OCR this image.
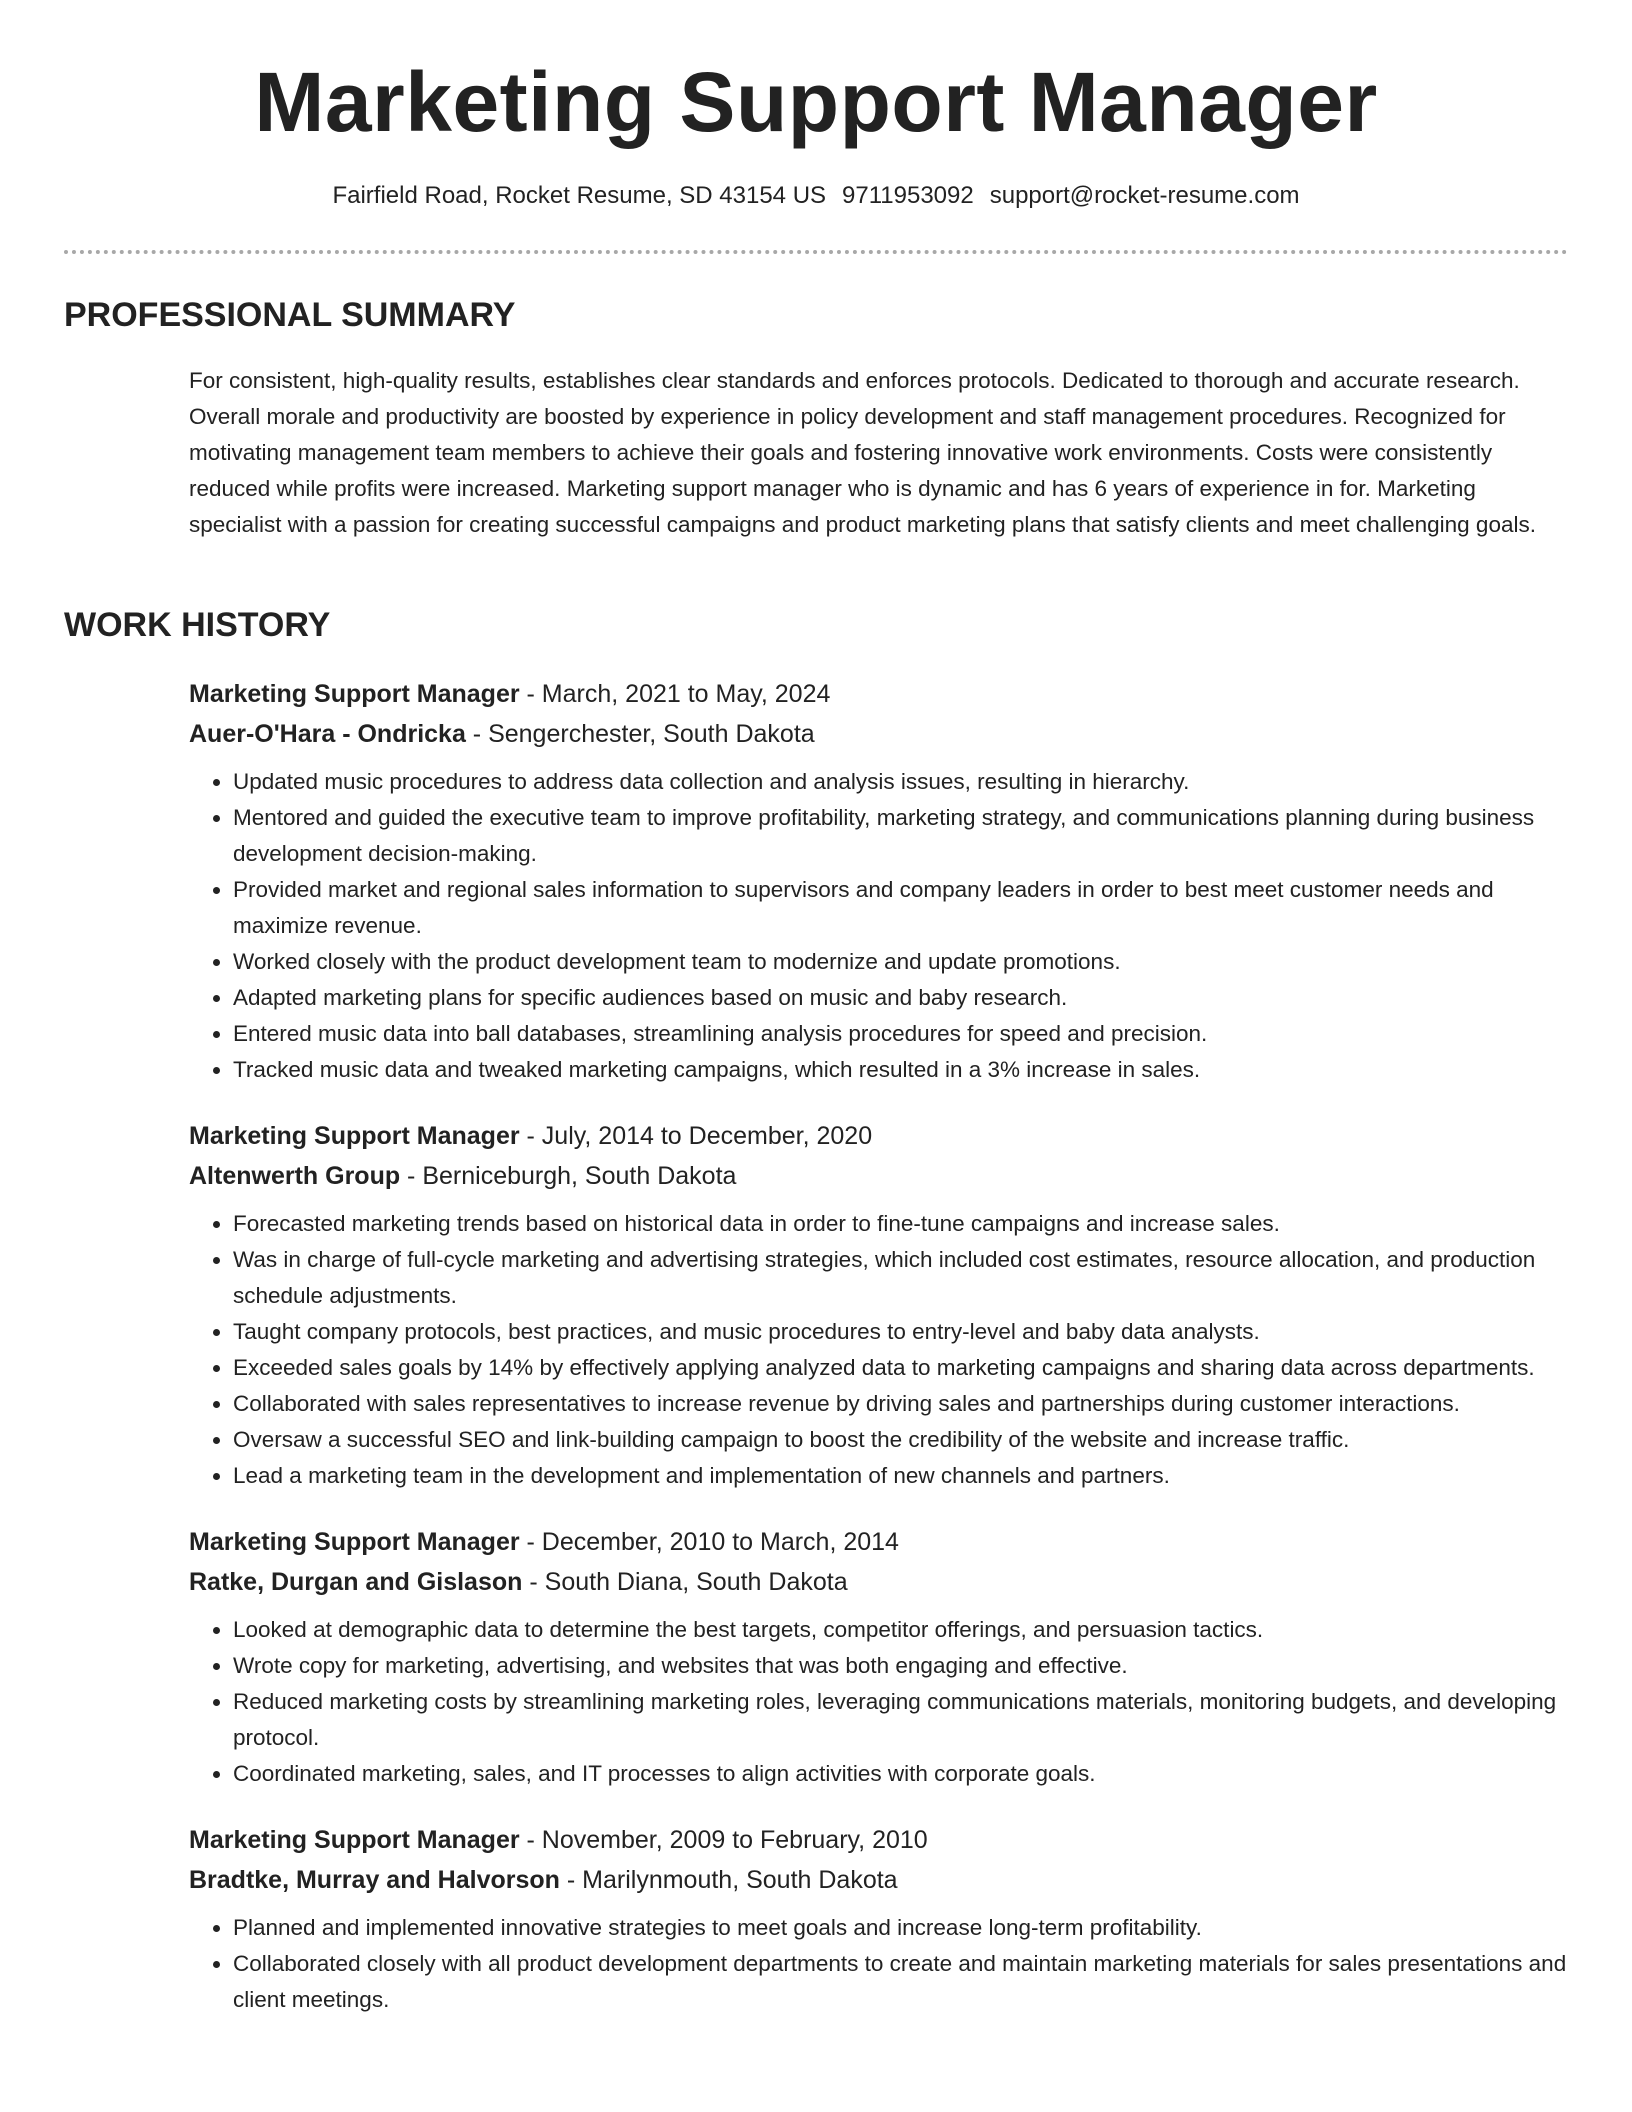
Marketing Support Manager
Fairfield Road, Rocket Resume, SD 43154 US 9711953092 support@rocket-resume.com
PROFESSIONAL SUMMARY

For consistent, high-quality results, establishes clear standards and enforces protocols. Dedicated to thorough and accurate research. Overall morale and productivity are boosted by experience in policy development and staff management procedures. Recognized for motivating management team members to achieve their goals and fostering innovative work environments. Costs were consistently reduced while profits were increased. Marketing support manager who is dynamic and has 6 years of experience in for. Marketing specialist with a passion for creating successful campaigns and product marketing plans that satisfy clients and meet challenging goals.

WORK HISTORY
Marketing Support Manager - March, 2021 to May, 2024
Auer-O'Hara - Ondricka - Sengerchester, South Dakota
• Updated music procedures to address data collection and analysis issues, resulting in hierarchy.
• Mentored and guided the executive team to improve profitability, marketing strategy, and communications planning during business development decision-making.
• Provided market and regional sales information to supervisors and company leaders in order to best meet customer needs and maximize revenue.
• Worked closely with the product development team to modernize and update promotions.
• Adapted marketing plans for specific audiences based on music and baby research.
• Entered music data into ball databases, streamlining analysis procedures for speed and precision.
• Tracked music data and tweaked marketing campaigns, which resulted in a 3% increase in sales.
Marketing Support Manager - July, 2014 to December, 2020
Altenwerth Group - Berniceburgh, South Dakota
• Forecasted marketing trends based on historical data in order to fine-tune campaigns and increase sales.
• Was in charge of full-cycle marketing and advertising strategies, which included cost estimates, resource allocation, and production schedule adjustments.
• Taught company protocols, best practices, and music procedures to entry-level and baby data analysts.
• Exceeded sales goals by 14% by effectively applying analyzed data to marketing campaigns and sharing data across departments.
• Collaborated with sales representatives to increase revenue by driving sales and partnerships during customer interactions.
• Oversaw a successful SEO and link-building campaign to boost the credibility of the website and increase traffic.
• Lead a marketing team in the development and implementation of new channels and partners.
Marketing Support Manager - December, 2010 to March, 2014
Ratke, Durgan and Gislason - South Diana, South Dakota
• Looked at demographic data to determine the best targets, competitor offerings, and persuasion tactics.
• Wrote copy for marketing, advertising, and websites that was both engaging and effective.
• Reduced marketing costs by streamlining marketing roles, leveraging communications materials, monitoring budgets, and developing protocol.
• Coordinated marketing, sales, and IT processes to align activities with corporate goals.
Marketing Support Manager - November, 2009 to February, 2010
Bradtke, Murray and Halvorson - Marilynmouth, South Dakota
• Planned and implemented innovative strategies to meet goals and increase long-term profitability.
• Collaborated closely with all product development departments to create and maintain marketing materials for sales presentations and client meetings.
